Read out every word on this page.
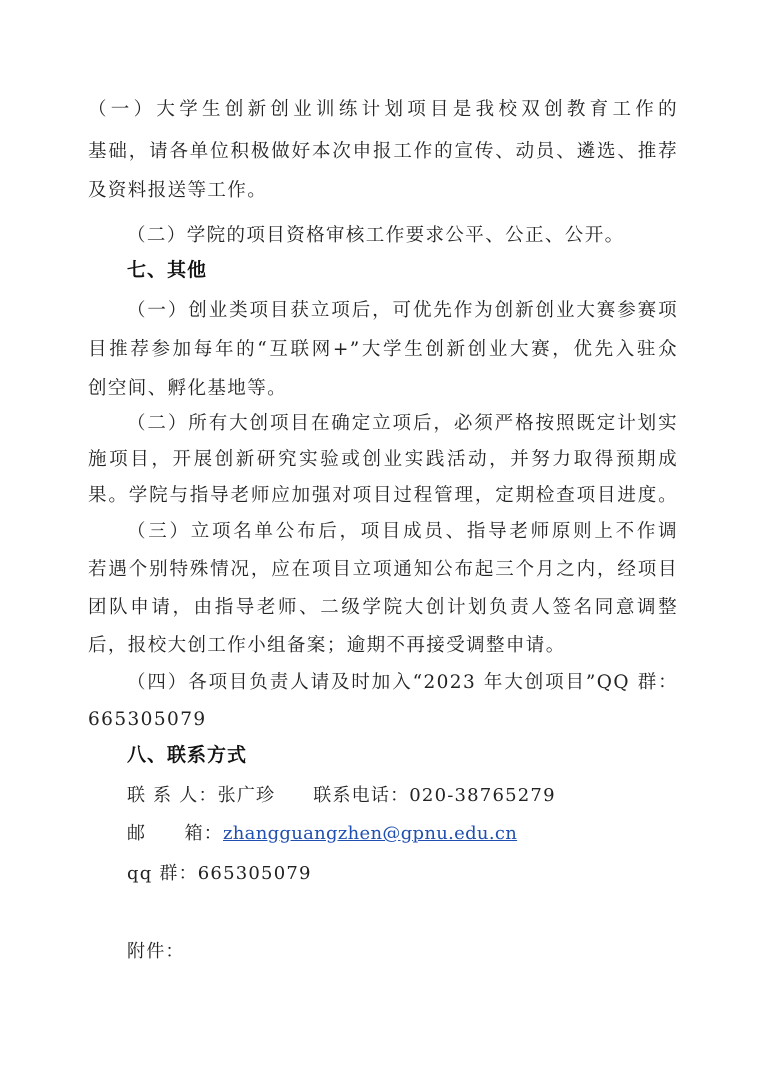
（一）大学生创新创业训练计划项目是我校双创教育工作的
基础，请各单位积极做好本次申报工作的宣传、动员、遴选、推荐
及资料报送等工作。
（二）学院的项目资格审核工作要求公平、公正、公开。
七、其他
（一）创业类项目获立项后，可优先作为创新创业大赛参赛项
目推荐参加每年的“互联网+”大学生创新创业大赛，优先入驻众
创空间、孵化基地等。
（二）所有大创项目在确定立项后，必须严格按照既定计划实
施项目，开展创新研究实验或创业实践活动，并努力取得预期成
果。学院与指导老师应加强对项目过程管理，定期检查项目进度。
（三）立项名单公布后，项目成员、指导老师原则上不作调
若遇个别特殊情况，应在项目立项通知公布起三个月之内，经项目
团队申请，由指导老师、二级学院大创计划负责人签名同意调整
后，报校大创工作小组备案；逾期不再接受调整申请。
（四）各项目负责人请及时加入“2023 年大创项目”QQ 群：
665305079
八、联系方式
联 系 人：张广珍 联系电话：020-38765279
邮　　箱：zhangguangzhen@gpnu.edu.cn
qq 群：665305079
附件：
